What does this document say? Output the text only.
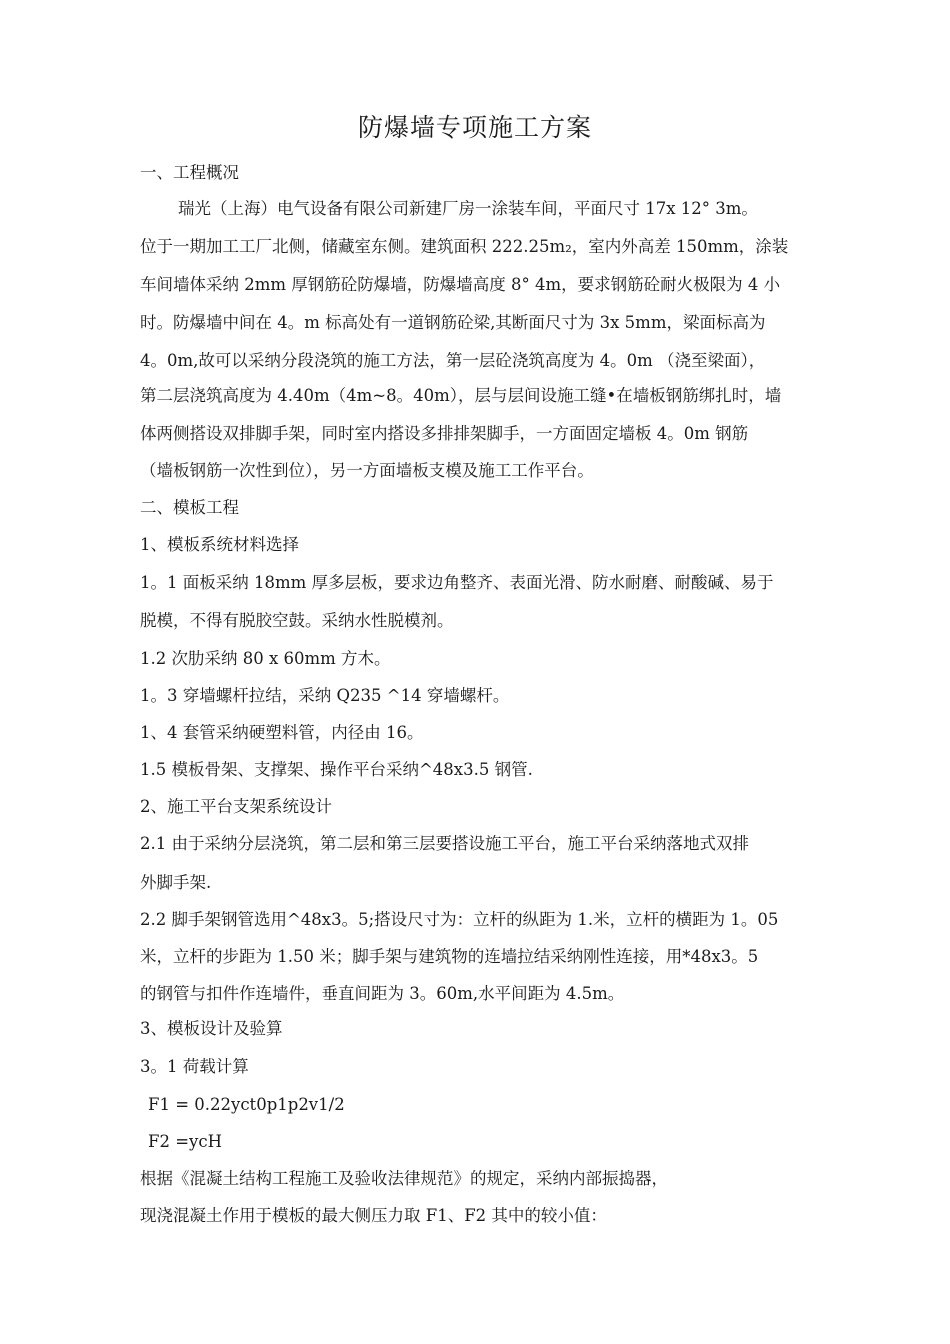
防爆墙专项施工方案
一、工程概况
瑞光（上海）电气设备有限公司新建厂房一涂装车间，平面尺寸 17x 12° 3m。
位于一期加工工厂北侧，储藏室东侧。建筑面积 222.25m₂，室内外高差 150mm，涂装
车间墙体采纳 2mm 厚钢筋砼防爆墙，防爆墙高度 8° 4m，要求钢筋砼耐火极限为 4 小
时。防爆墙中间在 4。m 标高处有一道钢筋砼梁,其断面尺寸为 3x 5mm，梁面标高为
4。0m,故可以采纳分段浇筑的施工方法，第一层砼浇筑高度为 4。0m （浇至梁面），
第二层浇筑高度为 4.40m（4m~8。40m），层与层间设施工缝•在墙板钢筋绑扎时，墙
体两侧搭设双排脚手架，同时室内搭设多排排架脚手，一方面固定墙板 4。0m 钢筋
（墙板钢筋一次性到位），另一方面墙板支模及施工工作平台。
二、模板工程
1、模板系统材料选择
1。1 面板采纳 18mm 厚多层板，要求边角整齐、表面光滑、防水耐磨、耐酸碱、易于
脱模，不得有脱胶空鼓。采纳水性脱模剂。
1.2 次肋采纳 80 x 60mm 方木。
1。3 穿墙螺杆拉结，采纳 Q235 ^14 穿墙螺杆。
1、4 套管采纳硬塑料管，内径由 16。
1.5 模板骨架、支撑架、操作平台采纳^48x3.5 钢管.
2、施工平台支架系统设计
2.1 由于采纳分层浇筑，第二层和第三层要搭设施工平台，施工平台采纳落地式双排
外脚手架.
2.2 脚手架钢管选用^48x3。5;搭设尺寸为：立杆的纵距为 1.米，立杆的横距为 1。05
米，立杆的步距为 1.50 米；脚手架与建筑物的连墙拉结采纳刚性连接，用*48x3。5
的钢管与扣件作连墙件，垂直间距为 3。60m,水平间距为 4.5m。
3、模板设计及验算
3。1 荷载计算
F1 = 0.22yct0p1p2v1/2
F2 =ycH
根据《混凝土结构工程施工及验收法律规范》的规定，采纳内部振捣器，
现浇混凝土作用于模板的最大侧压力取 F1、F2 其中的较小值：
